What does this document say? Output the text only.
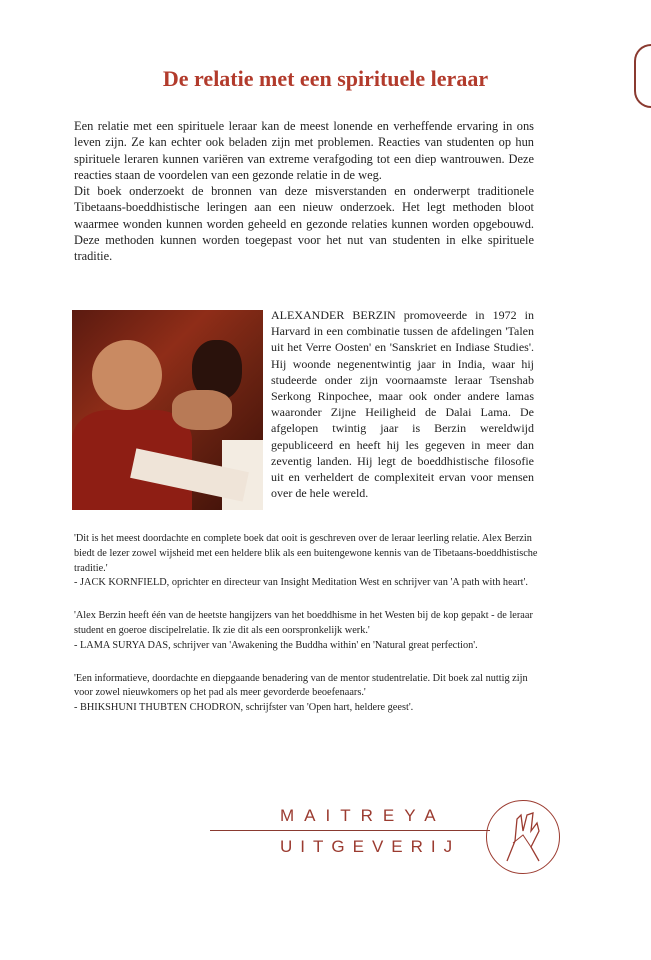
De relatie met een spirituele leraar

Een relatie met een spirituele leraar kan de meest lonende en verheffende ervaring in ons leven zijn. Ze kan echter ook beladen zijn met problemen. Reacties van studenten op hun spirituele leraren kunnen variëren van extreme verafgoding tot een diep wantrouwen. Deze reacties staan de voordelen van een gezonde relatie in de weg.

Dit boek onderzoekt de bronnen van deze misverstanden en onderwerpt traditionele Tibetaans-boeddhistische leringen aan een nieuw onderzoek. Het legt methoden bloot waarmee wonden kunnen worden geheeld en gezonde relaties kunnen worden opgebouwd. Deze methoden kunnen worden toegepast voor het nut van studenten in elke spirituele traditie.

ALEXANDER BERZIN promoveerde in 1972 in Harvard in een combinatie tussen de afdelingen 'Talen uit het Verre Oosten' en 'Sanskriet en Indiase Studies'. Hij woonde negenentwintig jaar in India, waar hij studeerde onder zijn voornaamste leraar Tsenshab Serkong Rinpochee, maar ook onder andere lamas waaronder Zijne Heiligheid de Dalai Lama. De afgelopen twintig jaar is Berzin wereldwijd gepubliceerd en heeft hij les gegeven in meer dan zeventig landen. Hij legt de boeddhistische filosofie uit en verheldert de complexiteit ervan voor mensen over de hele wereld.
'Dit is het meest doordachte en complete boek dat ooit is geschreven over de leraar leerling relatie. Alex Berzin biedt de lezer zowel wijsheid met een heldere blik als een buitengewone kennis van de Tibetaans-boeddhistische traditie.'
- JACK KORNFIELD, oprichter en directeur van Insight Meditation West en schrijver van 'A path with heart'.
'Alex Berzin heeft één van de heetste hangijzers van het boeddhisme in het Westen bij de kop gepakt - de leraar student en goeroe discipelrelatie. Ik zie dit als een oorspronkelijk werk.'
- LAMA SURYA DAS, schrijver van 'Awakening the Buddha within' en 'Natural great perfection'.
'Een informatieve, doordachte en diepgaande benadering van de mentor studentrelatie. Dit boek zal nuttig zijn voor zowel nieuwkomers op het pad als meer gevorderde beoefenaars.'
- BHIKSHUNI THUBTEN CHODRON, schrijfster van 'Open hart, heldere geest'.
MAITREYA
UITGEVERIJ
